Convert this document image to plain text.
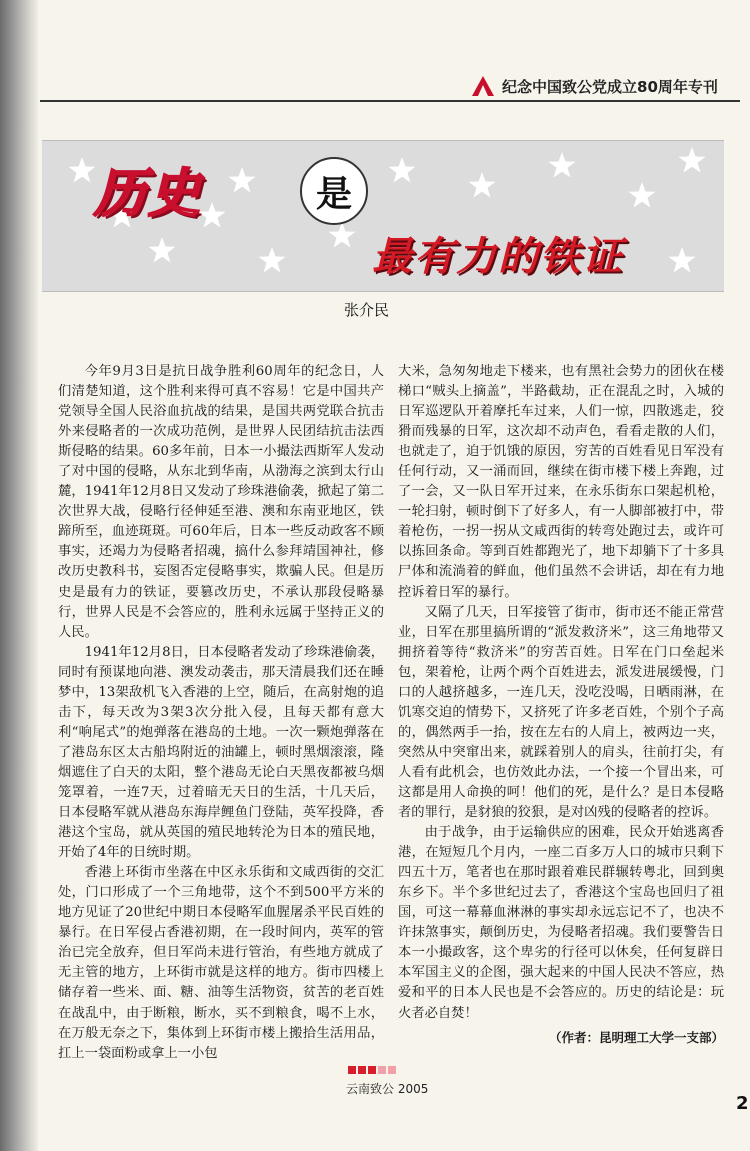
纪念中国致公党成立80周年专刊
历史	是
最有力的铁证
张介民

今年9月3日是抗日战争胜利60周年的纪念日，人们清楚知道，这个胜利来得可真不容易！它是中国共产党领导全国人民浴血抗战的结果，是国共两党联合抗击外来侵略者的一次成功范例，是世界人民团结抗击法西斯侵略的结果。60多年前，日本一小撮法西斯军人发动了对中国的侵略，从东北到华南，从渤海之滨到太行山麓，1941年12月8日又发动了珍珠港偷袭，掀起了第二次世界大战，侵略行径伸延至港、澳和东南亚地区，铁蹄所至，血迹斑斑。可60年后，日本一些反动政客不顾事实，还竭力为侵略者招魂，搞什么参拜靖国神社，修改历史教科书，妄图否定侵略事实，欺骗人民。但是历史是最有力的铁证，要篡改历史，不承认那段侵略暴行，世界人民是不会答应的，胜利永远属于坚持正义的人民。

1941年12月8日，日本侵略者发动了珍珠港偷袭，同时有预谋地向港、澳发动袭击，那天清晨我们还在睡梦中，13架敌机飞入香港的上空，随后，在高射炮的追击下，每天改为3架3次分批入侵，且每天都有意大利“响尾式”的炮弹落在港岛的土地。一次一颗炮弹落在了港岛东区太古船坞附近的油罐上，顿时黑烟滚滚，隆烟遮住了白天的太阳，整个港岛无论白天黑夜都被乌烟笼罩着，一连7天，过着暗无天日的生活，十几天后，日本侵略军就从港岛东海岸鲤鱼门登陆，英军投降，香港这个宝岛，就从英国的殖民地转沦为日本的殖民地，开始了4年的日统时期。

香港上环街市坐落在中区永乐街和文咸西街的交汇处，门口形成了一个三角地带，这个不到500平方米的地方见证了20世纪中期日本侵略军血腥屠杀平民百姓的暴行。在日军侵占香港初期，在一段时间内，英军的管治已完全放弃，但日军尚未进行管治，有些地方就成了无主管的地方，上环街市就是这样的地方。街市四楼上储存着一些米、面、糖、油等生活物资，贫苦的老百姓在战乱中，由于断粮，断水，买不到粮食，喝不上水，在万般无奈之下，集体到上环街市楼上搬拾生活用品，扛上一袋面粉或拿上一小包

大米，急匆匆地走下楼来，也有黑社会势力的团伙在楼梯口“贼头上摘盖”，半路截劫，正在混乱之时，入城的日军巡逻队开着摩托车过来，人们一惊，四散逃走，狡猾而残暴的日军，这次却不动声色，看看走散的人们，也就走了，迫于饥饿的原因，穷苦的百姓看见日军没有任何行动，又一涌而回，继续在街市楼下楼上奔跑，过了一会，又一队日军开过来，在永乐街东口架起机枪，一轮扫射，顿时倒下了好多人，有一人脚部被打中，带着枪伤，一拐一拐从文咸西街的转弯处跑过去，或许可以拣回条命。等到百姓都跑光了，地下却躺下了十多具尸体和流淌着的鲜血，他们虽然不会讲话，却在有力地控诉着日军的暴行。

又隔了几天，日军接管了街市，街市还不能正常营业，日军在那里搞所谓的“派发救济米”，这三角地带又拥挤着等待“救济米”的穷苦百姓。日军在门口垒起米包，架着枪，让两个两个百姓进去，派发进展缓慢，门口的人越挤越多，一连几天，没吃没喝，日晒雨淋，在饥寒交迫的情势下，又挤死了许多老百姓，个别个子高的，偶然两手一抬，按在左右的人肩上，被两边一夹，突然从中突窜出来，就踩着别人的肩头，往前打尖，有人看有此机会，也仿效此办法，一个接一个冒出来，可这都是用人命换的呵！他们的死，是什么？是日本侵略者的罪行，是豺狼的狡狠，是对凶残的侵略者的控诉。

由于战争，由于运输供应的困难，民众开始逃离香港，在短短几个月内，一座二百多万人口的城市只剩下四五十万，笔者也在那时跟着难民群辗转粤北，回到奥东乡下。半个多世纪过去了，香港这个宝岛也回归了祖国，可这一幕幕血淋淋的事实却永远忘记不了，也决不许抹煞事实，颠倒历史，为侵略者招魂。我们要警告日本一小撮政客，这个卑劣的行径可以休矣，任何复辟日本军国主义的企图，强大起来的中国人民决不答应，热爱和平的日本人民也是不会答应的。历史的结论是：玩火者必自焚！

（作者：昆明理工大学一支部）
云南致公 2005
2
